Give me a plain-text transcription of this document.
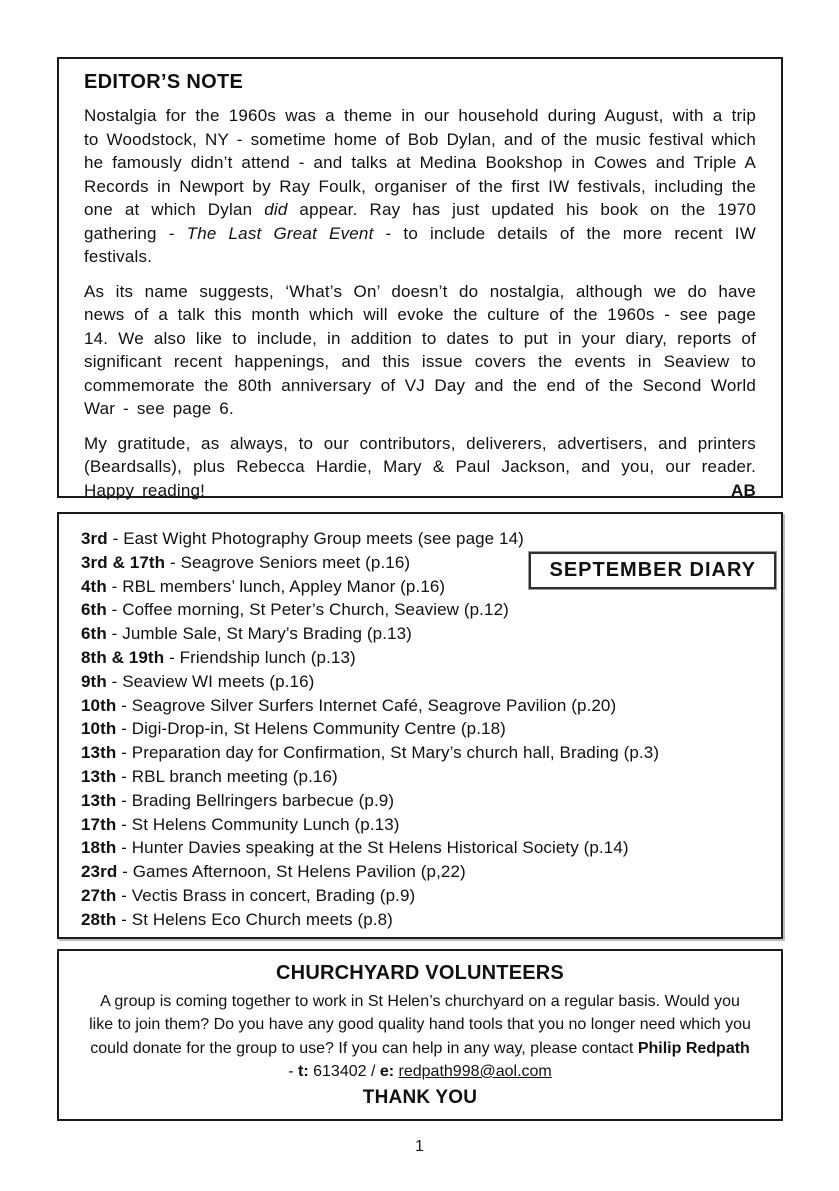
EDITOR’S NOTE

Nostalgia for the 1960s was a theme in our household during August, with a trip to Woodstock, NY - sometime home of Bob Dylan, and of the music festival which he famously didn’t attend - and talks at Medina Bookshop in Cowes and Triple A Records in Newport by Ray Foulk, organiser of the first IW festivals, including the one at which Dylan did appear. Ray has just updated his book on the 1970 gathering - The Last Great Event - to include details of the more recent IW festivals.

As its name suggests, ‘What’s On’ doesn’t do nostalgia, although we do have news of a talk this month which will evoke the culture of the 1960s - see page 14. We also like to include, in addition to dates to put in your diary, reports of significant recent happenings, and this issue covers the events in Seaview to commemorate the 80th anniversary of VJ Day and the end of the Second World War - see page 6.

My gratitude, as always, to our contributors, deliverers, advertisers, and printers (Beardsalls), plus Rebecca Hardie, Mary & Paul Jackson, and you, our reader. Happy reading!	AB

SEPTEMBER DIARY
3rd - East Wight Photography Group meets (see page 14)
3rd & 17th - Seagrove Seniors meet (p.16)
4th - RBL members’ lunch, Appley Manor (p.16)
6th - Coffee morning, St Peter’s Church, Seaview (p.12)
6th - Jumble Sale, St Mary’s Brading (p.13)
8th & 19th - Friendship lunch (p.13)
9th - Seaview WI meets (p.16)
10th - Seagrove Silver Surfers Internet Café, Seagrove Pavilion (p.20)
10th - Digi-Drop-in, St Helens Community Centre (p.18)
13th - Preparation day for Confirmation, St Mary’s church hall, Brading (p.3)
13th - RBL branch meeting (p.16)
13th - Brading Bellringers barbecue (p.9)
17th - St Helens Community Lunch (p.13)
18th - Hunter Davies speaking at the St Helens Historical Society (p.14)
23rd - Games Afternoon, St Helens Pavilion (p,22)
27th - Vectis Brass in concert, Brading (p.9)
28th - St Helens Eco Church meets (p.8)
CHURCHYARD VOLUNTEERS

A group is coming together to work in St Helen’s churchyard on a regular basis. Would you like to join them? Do you have any good quality hand tools that you no longer need which you could donate for the group to use? If you can help in any way, please contact Philip Redpath - t: 613402 / e: redpath998@aol.com

THANK YOU
1
